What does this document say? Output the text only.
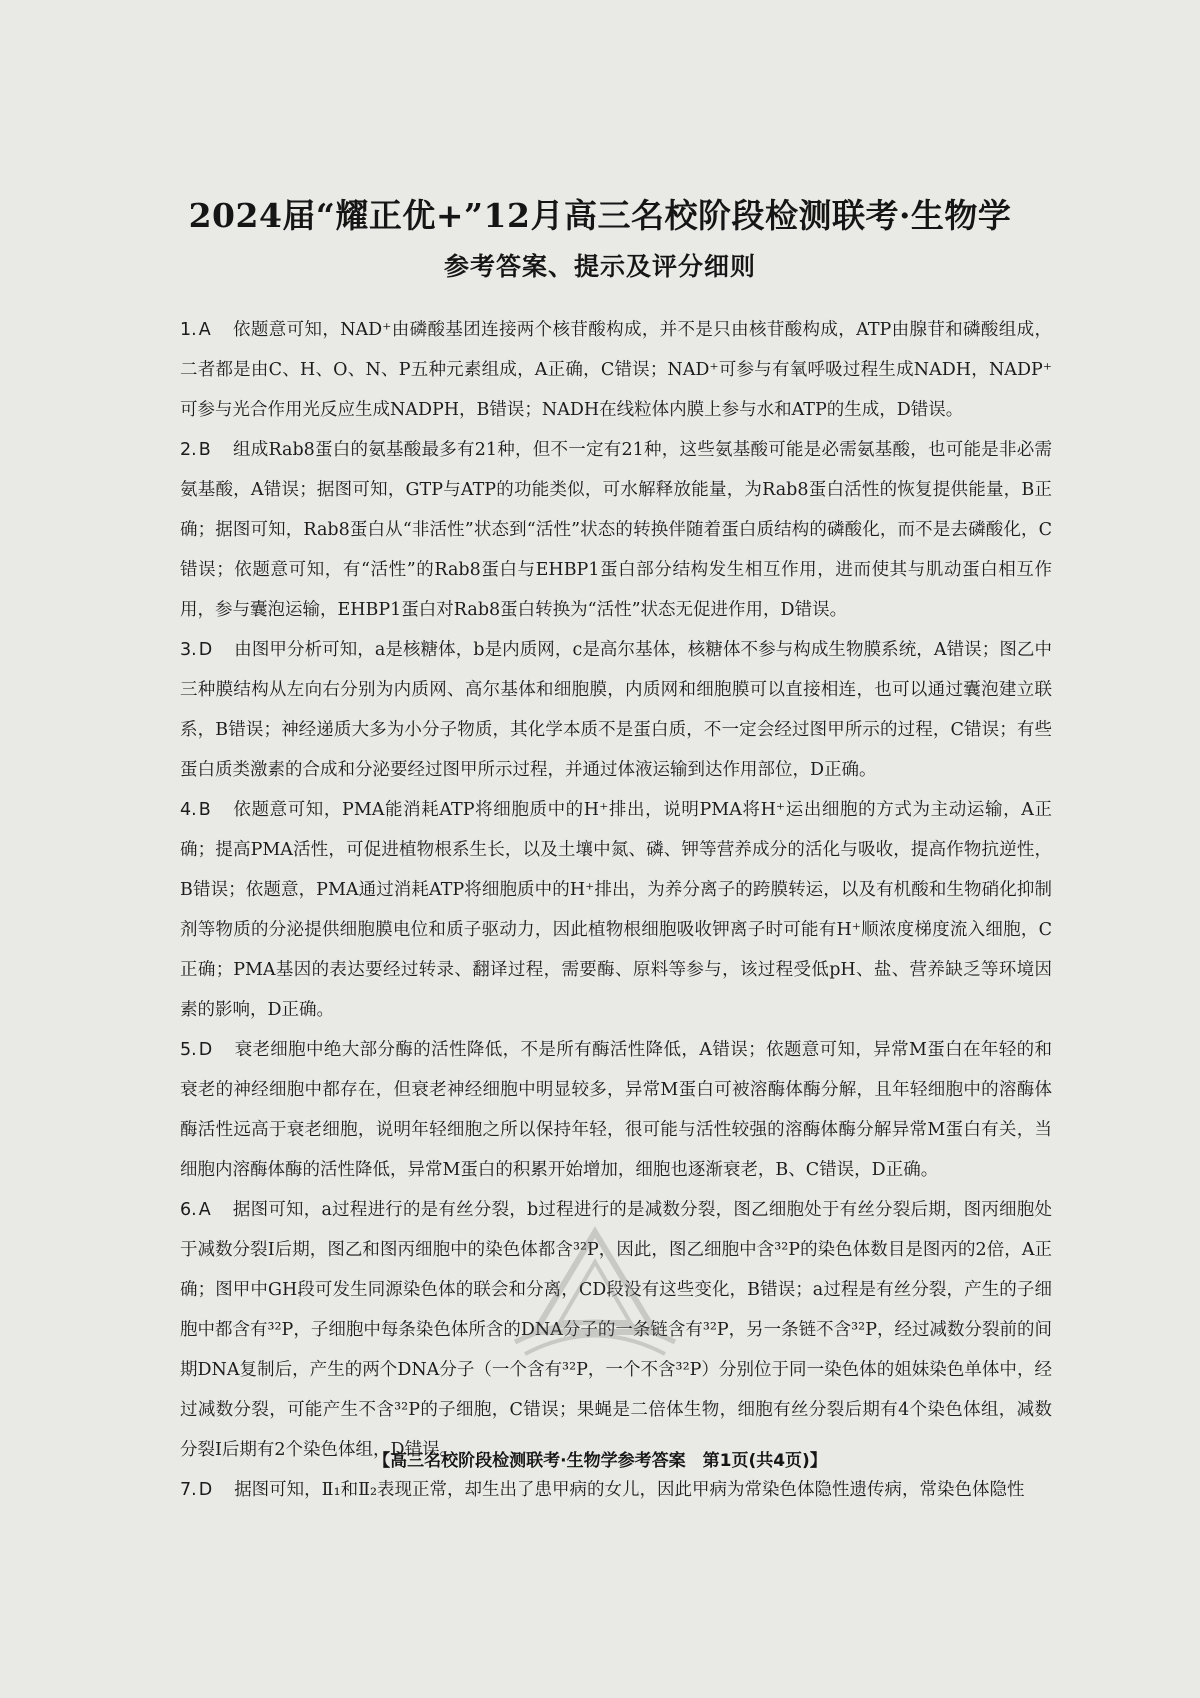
2024届“耀正优+”12月高三名校阶段检测联考·生物学
参考答案、提示及评分细则

1. A 依题意可知，NAD⁺由磷酸基团连接两个核苷酸构成，并不是只由核苷酸构成，ATP由腺苷和磷酸组成，二者都是由C、H、O、N、P五种元素组成，A正确，C错误；NAD⁺可参与有氧呼吸过程生成NADH，NADP⁺可参与光合作用光反应生成NADPH，B错误；NADH在线粒体内膜上参与水和ATP的生成，D错误。

2. B 组成Rab8蛋白的氨基酸最多有21种，但不一定有21种，这些氨基酸可能是必需氨基酸，也可能是非必需氨基酸，A错误；据图可知，GTP与ATP的功能类似，可水解释放能量，为Rab8蛋白活性的恢复提供能量，B正确；据图可知，Rab8蛋白从“非活性”状态到“活性”状态的转换伴随着蛋白质结构的磷酸化，而不是去磷酸化，C错误；依题意可知，有“活性”的Rab8蛋白与EHBP1蛋白部分结构发生相互作用，进而使其与肌动蛋白相互作用，参与囊泡运输，EHBP1蛋白对Rab8蛋白转换为“活性”状态无促进作用，D错误。

3. D 由图甲分析可知，a是核糖体，b是内质网，c是高尔基体，核糖体不参与构成生物膜系统，A错误；图乙中三种膜结构从左向右分别为内质网、高尔基体和细胞膜，内质网和细胞膜可以直接相连，也可以通过囊泡建立联系，B错误；神经递质大多为小分子物质，其化学本质不是蛋白质，不一定会经过图甲所示的过程，C错误；有些蛋白质类激素的合成和分泌要经过图甲所示过程，并通过体液运输到达作用部位，D正确。

4. B 依题意可知，PMA能消耗ATP将细胞质中的H⁺排出，说明PMA将H⁺运出细胞的方式为主动运输，A正确；提高PMA活性，可促进植物根系生长，以及土壤中氮、磷、钾等营养成分的活化与吸收，提高作物抗逆性，B错误；依题意，PMA通过消耗ATP将细胞质中的H⁺排出，为养分离子的跨膜转运，以及有机酸和生物硝化抑制剂等物质的分泌提供细胞膜电位和质子驱动力，因此植物根细胞吸收钾离子时可能有H⁺顺浓度梯度流入细胞，C正确；PMA基因的表达要经过转录、翻译过程，需要酶、原料等参与，该过程受低pH、盐、营养缺乏等环境因素的影响，D正确。

5. D 衰老细胞中绝大部分酶的活性降低，不是所有酶活性降低，A错误；依题意可知，异常M蛋白在年轻的和衰老的神经细胞中都存在，但衰老神经细胞中明显较多，异常M蛋白可被溶酶体酶分解，且年轻细胞中的溶酶体酶活性远高于衰老细胞，说明年轻细胞之所以保持年轻，很可能与活性较强的溶酶体酶分解异常M蛋白有关，当细胞内溶酶体酶的活性降低，异常M蛋白的积累开始增加，细胞也逐渐衰老，B、C错误，D正确。

6. A 据图可知，a过程进行的是有丝分裂，b过程进行的是减数分裂，图乙细胞处于有丝分裂后期，图丙细胞处于减数分裂Ⅰ后期，图乙和图丙细胞中的染色体都含³²P，因此，图乙细胞中含³²P的染色体数目是图丙的2倍，A正确；图甲中GH段可发生同源染色体的联会和分离，CD段没有这些变化，B错误；a过程是有丝分裂，产生的子细胞中都含有³²P，子细胞中每条染色体所含的DNA分子的一条链含有³²P，另一条链不含³²P，经过减数分裂前的间期DNA复制后，产生的两个DNA分子（一个含有³²P，一个不含³²P）分别位于同一染色体的姐妹染色单体中，经过减数分裂，可能产生不含³²P的子细胞，C错误；果蝇是二倍体生物，细胞有丝分裂后期有4个染色体组，减数分裂Ⅰ后期有2个染色体组，D错误。

7. D 据图可知，Ⅱ₁和Ⅱ₂表现正常，却生出了患甲病的女儿，因此甲病为常染色体隐性遗传病，常染色体隐性

【高三名校阶段检测联考·生物学参考答案　第1页(共4页)】
